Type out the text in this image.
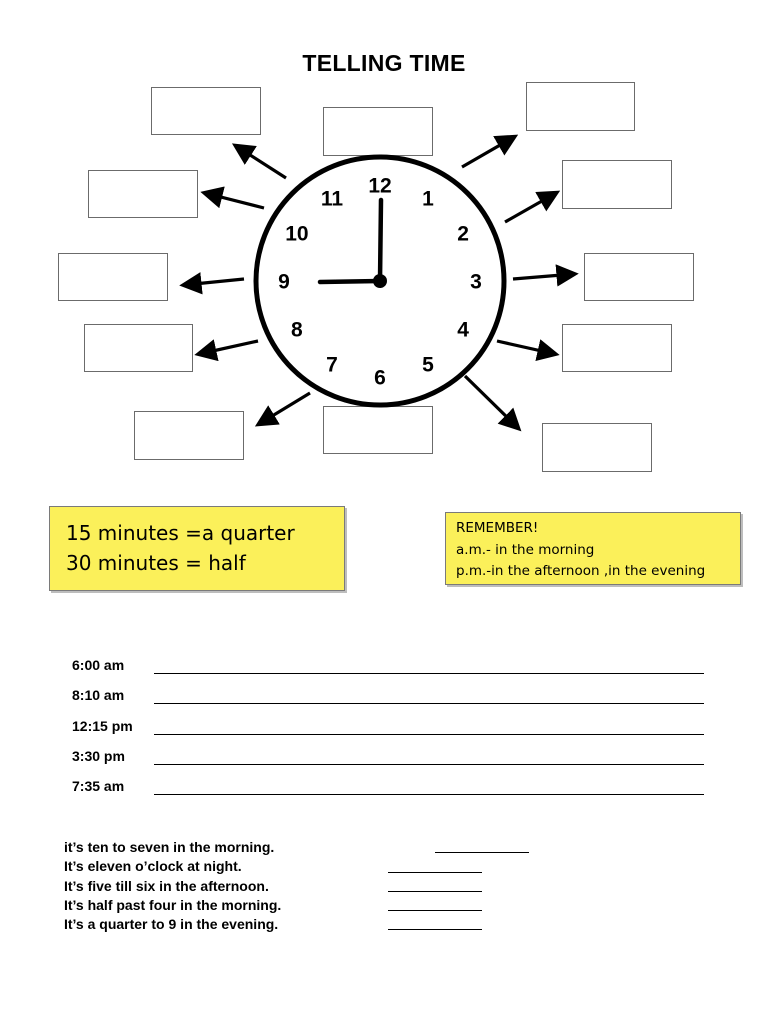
TELLING TIME
12
1
2
3
4
5
6
7
8
9
10
11
15 minutes =a quarter
30 minutes = half
REMEMBER!
a.m.- in the morning
p.m.-in the afternoon ,in the evening
6:00 am
8:10 am
12:15 pm
3:30 pm
7:35 am
it’s ten to seven in the morning.
It’s eleven o’clock at night.
It’s five till six in the afternoon.
It’s half past four in the morning.
It’s a quarter to 9 in the evening.
